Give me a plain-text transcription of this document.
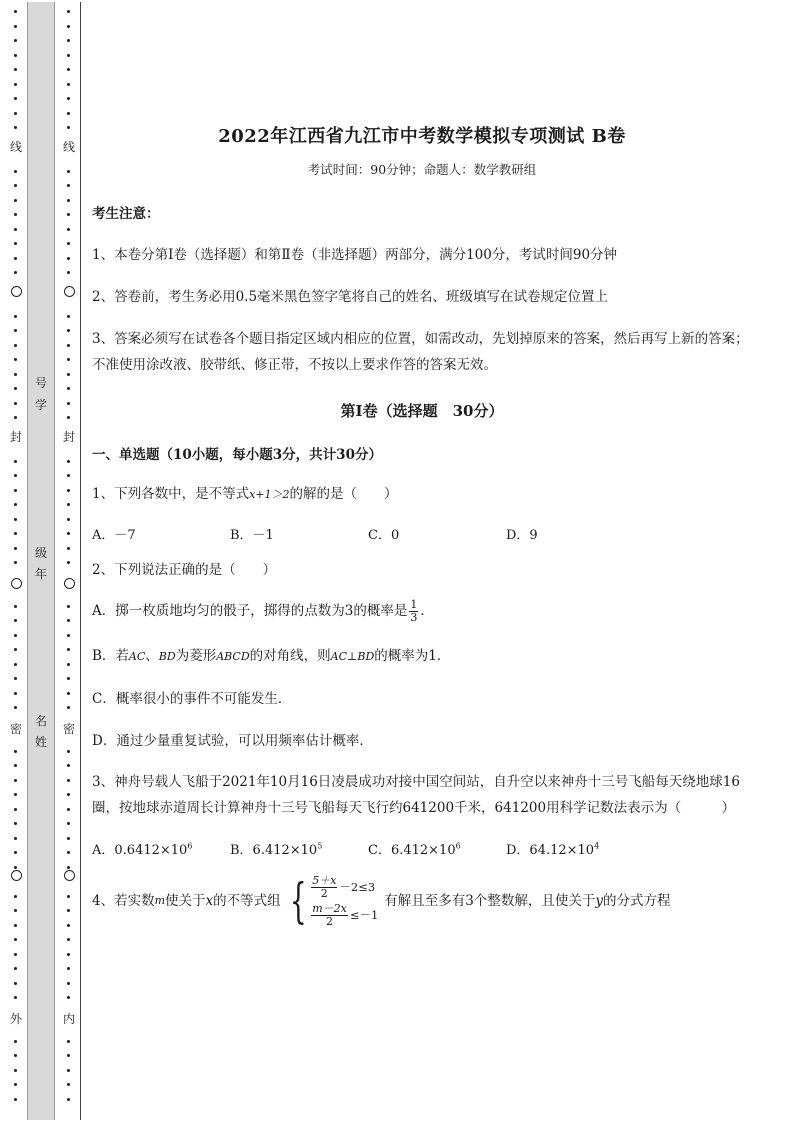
线
封
密
外
号
学
级
年
名
姓
线
封
密
内
2022年江西省九江市中考数学模拟专项测试 B卷
考试时间：90分钟；命题人：数学教研组
考生注意：
1、本卷分第Ⅰ卷（选择题）和第Ⅱ卷（非选择题）两部分，满分100分，考试时间90分钟
2、答卷前，考生务必用0.5毫米黑色签字笔将自己的姓名、班级填写在试卷规定位置上
3、答案必须写在试卷各个题目指定区域内相应的位置，如需改动，先划掉原来的答案，然后再写上新的答案；不准使用涂改液、胶带纸、修正带，不按以上要求作答的答案无效。
第Ⅰ卷（选择题　30分）
一、单选题（10小题，每小题3分，共计30分）
1、下列各数中，是不等式x+1＞2的解的是（　　）
A．－7	B．－1	C．0	D．9
2、下列说法正确的是（　　）
A．掷一枚质地均匀的骰子，掷得的点数为3的概率是 $\frac{1}{3}$ ．
B．若AC、BD为菱形ABCD的对角线，则AC⊥BD的概率为1．
C．概率很小的事件不可能发生．
D．通过少量重复试验，可以用频率估计概率．
3、神舟号载人飞船于2021年10月16日凌晨成功对接中国空间站，自升空以来神舟十三号飞船每天绕地球16圈，按地球赤道周长计算神舟十三号飞船每天飞行约641200千米，641200用科学记数法表示为（　　　）
A．$0.6412\times 10^6$	B．$6.412\times 10^5$	C．$6.412\times 10^6$	D．$64.12\times 10^4$
4、若实数 m 使关于 x 的不等式组 { $\frac{5+x}{2} -2\le 3$
$\frac{m-2x}{2} \le-1$
有解且至多有3个整数解，且使关于 y 的分式方程
